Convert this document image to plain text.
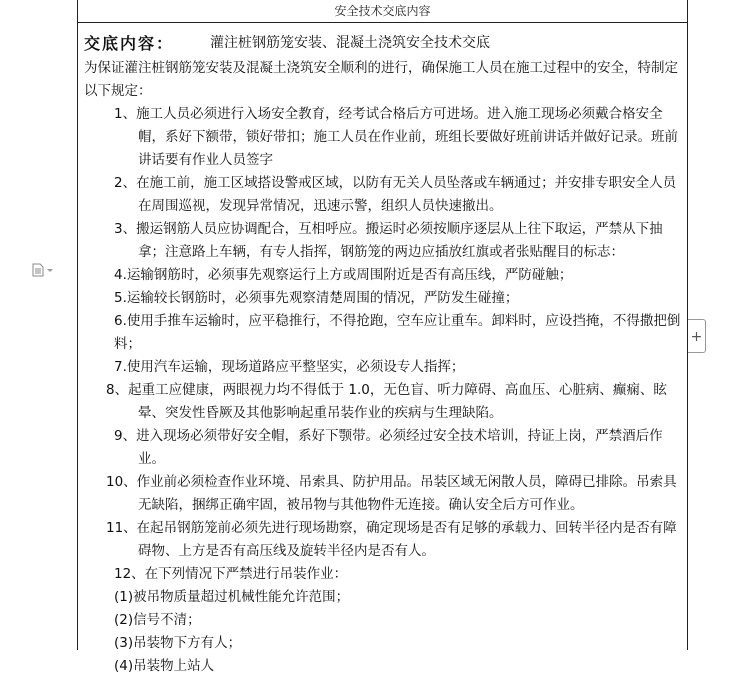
安全技术交底内容
交底内容：	灌注桩钢筋笼安装、混凝土浇筑安全技术交底

为保证灌注桩钢筋笼安装及混凝土浇筑安全顺利的进行，确保施工人员在施工过程中的安全，特制定以下规定：

1、施工人员必须进行入场安全教育，经考试合格后方可进场。进入施工现场必须戴合格安全帽，系好下额带，锁好带扣；施工人员在作业前，班组长要做好班前讲话并做好记录。班前讲话要有作业人员签字

2、在施工前，施工区域搭设警戒区域，以防有无关人员坠落或车辆通过；并安排专职安全人员在周围巡视，发现异常情况，迅速示警，组织人员快速撤出。

3、搬运钢筋人员应协调配合，互相呼应。搬运时必须按顺序逐层从上往下取运，严禁从下抽拿；注意路上车辆，有专人指挥，钢筋笼的两边应插放红旗或者张贴醒目的标志：

4.运输钢筋时，必须事先观察运行上方或周围附近是否有高压线，严防碰触；

5.运输较长钢筋时，必须事先观察清楚周围的情况，严防发生碰撞；

6.使用手推车运输时，应平稳推行，不得抢跑，空车应让重车。卸料时，应设挡掩，不得撒把倒料；

7.使用汽车运输，现场道路应平整坚实，必须设专人指挥；

8、起重工应健康，两眼视力均不得低于 1.0，无色盲、听力障碍、高血压、心脏病、癫痫、眩晕、突发性昏厥及其他影响起重吊装作业的疾病与生理缺陷。

9、进入现场必须带好安全帽，系好下颚带。必须经过安全技术培训，持证上岗，严禁酒后作业。

10、作业前必须检查作业环境、吊索具、防护用品。吊装区域无闲散人员，障碍已排除。吊索具无缺陷，捆绑正确牢固，被吊物与其他物件无连接。确认安全后方可作业。

11、在起吊钢筋笼前必须先进行现场勘察，确定现场是否有足够的承载力、回转半径内是否有障碍物、上方是否有高压线及旋转半径内是否有人。

12、在下列情况下严禁进行吊装作业：

(1)被吊物质量超过机械性能允许范围；

(2)信号不清；

(3)吊装物下方有人；

(4)吊装物上站人

+
